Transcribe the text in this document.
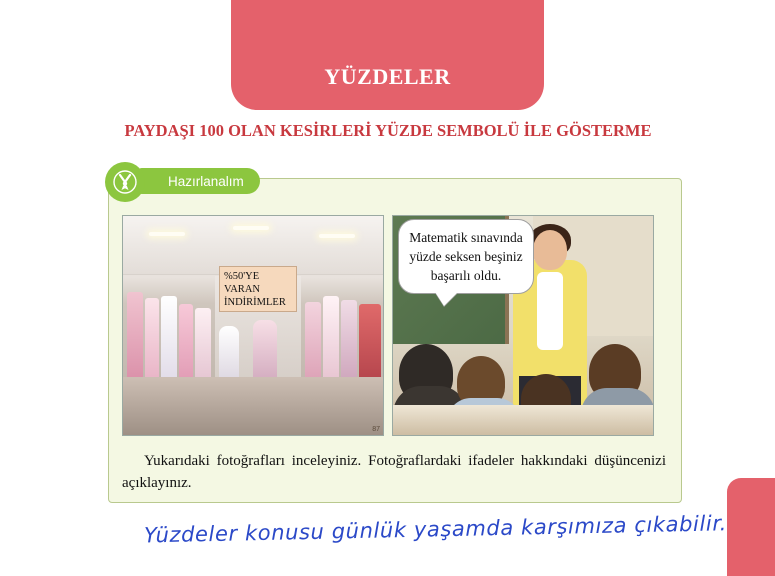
YÜZDELER
PAYDAŞI 100 OLAN KESİRLERİ YÜZDE SEMBOLÜ İLE GÖSTERME
Hazırlanalım
%50'YE VARAN İNDİRİMLER
87
Matematik sınavında yüzde seksen beşiniz başarılı oldu.
Yukarıdaki fotoğrafları inceleyiniz. Fotoğraflardaki ifadeler hakkındaki düşüncenizi açıklayınız.
Yüzdeler konusu günlük yaşamda karşımıza çıkabilir.
